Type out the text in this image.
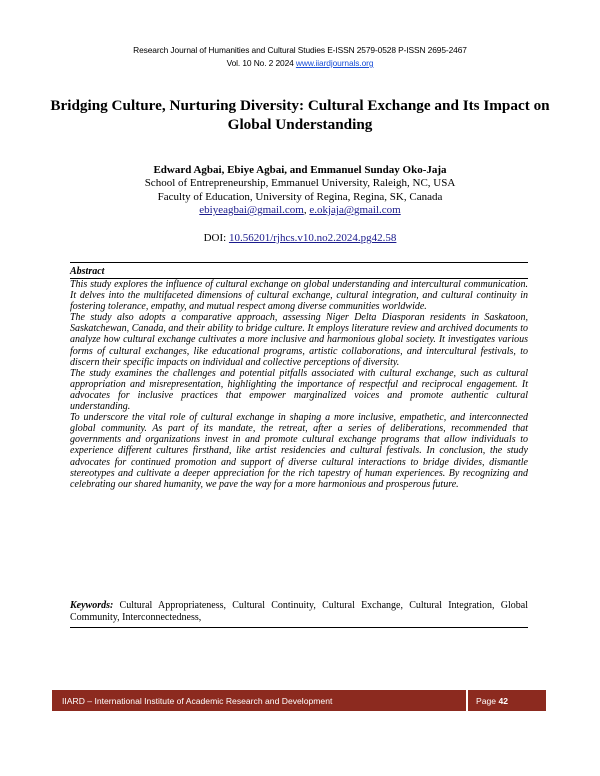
Research Journal of Humanities and Cultural Studies E-ISSN 2579-0528 P-ISSN 2695-2467
Vol. 10 No. 2 2024 www.iiardjournals.org
Bridging Culture, Nurturing Diversity: Cultural Exchange and Its Impact on Global Understanding
Edward Agbai, Ebiye Agbai, and Emmanuel Sunday Oko-Jaja
School of Entrepreneurship, Emmanuel University, Raleigh, NC, USA
Faculty of Education, University of Regina, Regina, SK, Canada
ebiyeagbai@gmail.com, e.okjaja@gmail.com
DOI: 10.56201/rjhcs.v10.no2.2024.pg42.58
Abstract

This study explores the influence of cultural exchange on global understanding and intercultural communication. It delves into the multifaceted dimensions of cultural exchange, cultural integration, and cultural continuity in fostering tolerance, empathy, and mutual respect among diverse communities worldwide.

The study also adopts a comparative approach, assessing Niger Delta Diasporan residents in Saskatoon, Saskatchewan, Canada, and their ability to bridge culture. It employs literature review and archived documents to analyze how cultural exchange cultivates a more inclusive and harmonious global society. It investigates various forms of cultural exchanges, like educational programs, artistic collaborations, and intercultural festivals, to discern their specific impacts on individual and collective perceptions of diversity.

The study examines the challenges and potential pitfalls associated with cultural exchange, such as cultural appropriation and misrepresentation, highlighting the importance of respectful and reciprocal engagement. It advocates for inclusive practices that empower marginalized voices and promote authentic cultural understanding.

To underscore the vital role of cultural exchange in shaping a more inclusive, empathetic, and interconnected global community. As part of its mandate, the retreat, after a series of deliberations, recommended that governments and organizations invest in and promote cultural exchange programs that allow individuals to experience different cultures firsthand, like artist residencies and cultural festivals. In conclusion, the study advocates for continued promotion and support of diverse cultural interactions to bridge divides, dismantle stereotypes and cultivate a deeper appreciation for the rich tapestry of human experiences. By recognizing and celebrating our shared humanity, we pave the way for a more harmonious and prosperous future.

Keywords: Cultural Appropriateness, Cultural Continuity, Cultural Exchange, Cultural Integration, Global Community, Interconnectedness,
IIARD – International Institute of Academic Research and Development	Page 42
